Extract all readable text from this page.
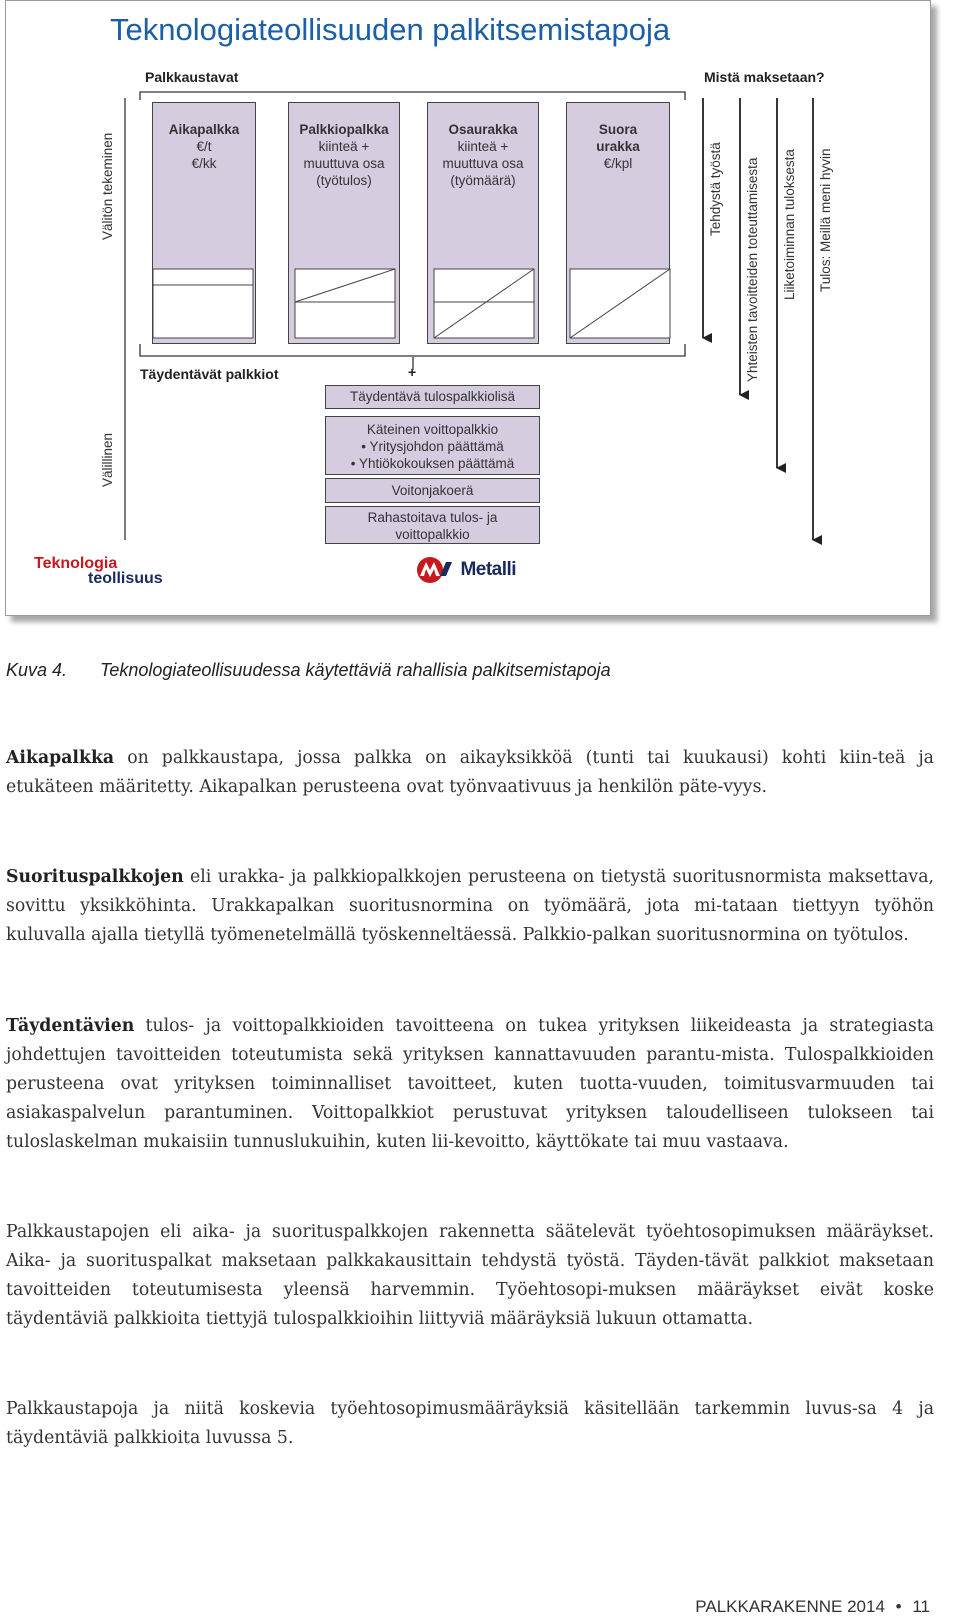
Teknologiateollisuuden palkitsemistapoja
Palkkaustavat	Mistä maksetaan?
Välitön tekeminen
Välillinen
Aikapalkka
€/t
€/kk
Palkkiopalkka
kiinteä +
muuttuva osa
(työtulos)
Osaurakka
kiinteä +
muuttuva osa
(työmäärä)
Suora
urakka
€/kpl	Tehdystä työstä Yhteisten tavoitteiden toteuttamisesta Liiketoiminnan tuloksesta Tulos: Meillä meni hyvin
Täydentävät palkkiot	+
Täydentävä tulospalkkiolisä
Käteinen voittopalkkio
• Yritysjohdon päättämä
• Yhtiökokouksen päättämä
Voitonjakoerä
Rahastoitava tulos- ja voittopalkkio
Teknologia
teollisuus	Metalli
Kuva 4. Teknologiateollisuudessa käytettäviä rahallisia palkitsemistapoja
Aikapalkka on palkkaustapa, jossa palkka on aikayksikköä (tunti tai kuukausi) kohti kiin-teä ja etukäteen määritetty. Aikapalkan perusteena ovat työnvaativuus ja henkilön päte-vyys.
Suorituspalkkojen eli urakka- ja palkkiopalkkojen perusteena on tietystä suoritusnormista maksettava, sovittu yksikköhinta. Urakkapalkan suoritusnormina on työmäärä, jota mi-tataan tiettyyn työhön kuluvalla ajalla tietyllä työmenetelmällä työskenneltäessä. Palkkio-palkan suoritusnormina on työtulos.
Täydentävien tulos- ja voittopalkkioiden tavoitteena on tukea yrityksen liikeideasta ja strategiasta johdettujen tavoitteiden toteutumista sekä yrityksen kannattavuuden parantu-mista. Tulospalkkioiden perusteena ovat yrityksen toiminnalliset tavoitteet, kuten tuotta-vuuden, toimitusvarmuuden tai asiakaspalvelun parantuminen. Voittopalkkiot perustuvat yrityksen taloudelliseen tulokseen tai tuloslaskelman mukaisiin tunnuslukuihin, kuten lii-kevoitto, käyttökate tai muu vastaava.
Palkkaustapojen eli aika- ja suorituspalkkojen rakennetta säätelevät työehtosopimuksen määräykset. Aika- ja suorituspalkat maksetaan palkkakausittain tehdystä työstä. Täyden-tävät palkkiot maksetaan tavoitteiden toteutumisesta yleensä harvemmin. Työehtosopi-muksen määräykset eivät koske täydentäviä palkkioita tiettyjä tulospalkkioihin liittyviä määräyksiä lukuun ottamatta.
Palkkaustapoja ja niitä koskevia työehtosopimusmääräyksiä käsitellään tarkemmin luvus-sa 4 ja täydentäviä palkkioita luvussa 5.
PALKKARAKENNE 2014 • 11
